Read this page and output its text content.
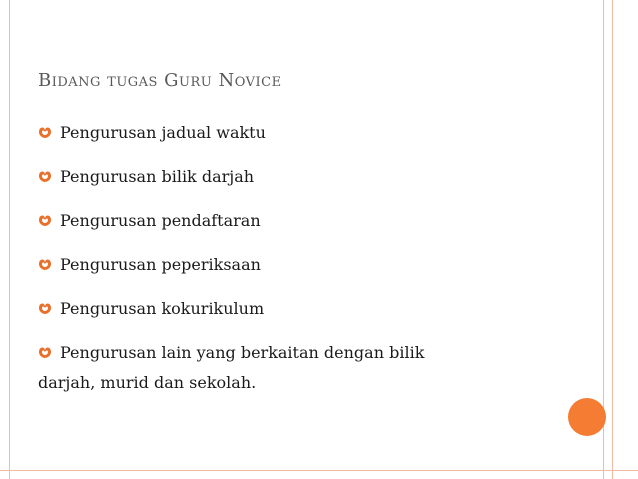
Bidang tugas Guru Novice
Pengurusan jadual waktu
Pengurusan bilik darjah
Pengurusan pendaftaran
Pengurusan peperiksaan
Pengurusan kokurikulum
Pengurusan lain yang berkaitan dengan bilik
darjah, murid dan sekolah.
